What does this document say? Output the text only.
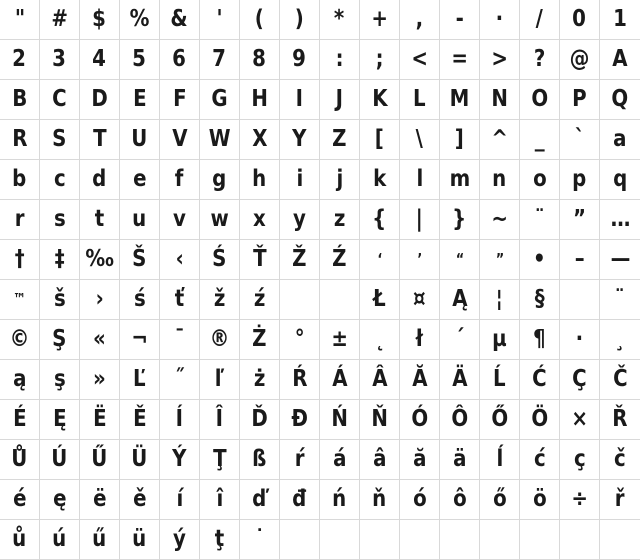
" # $ % & ' ( ) * + , - · / 0 1
2 3 4 5 6 7 8 9 : ; < = > ? @ A
B C D E F G H I J K L M N O P Q
R S T U V W X Y Z [ \ ] ^ _ ` a
b c d e f g h i j k l m n o p q
r s t u v w x y z { | } ~ ¨ ” …
† ‡ ‰ Š ‹ Ś Ť Ž Ź ‘ ’ “ ” • – —
™ š › ś ť ž ź	Ł ¤ Ą ¦ §	¨
© Ş « ¬ ¯ ® Ż ° ± ˛ ł ´ µ ¶ · ¸
ą ş » Ľ ˝ ľ ż Ŕ Á Â Ă Ä Ĺ Ć Ç Č
É Ę Ë Ě Í Î Ď Đ Ń Ň Ó Ô Ő Ö × Ř
Ů Ú Ű Ü Ý Ţ ß ŕ á â ă ä ĺ ć ç č
é ę ë ě í î ď đ ń ň ó ô ő ö ÷ ř
ů ú ű ü ý ţ ˙
